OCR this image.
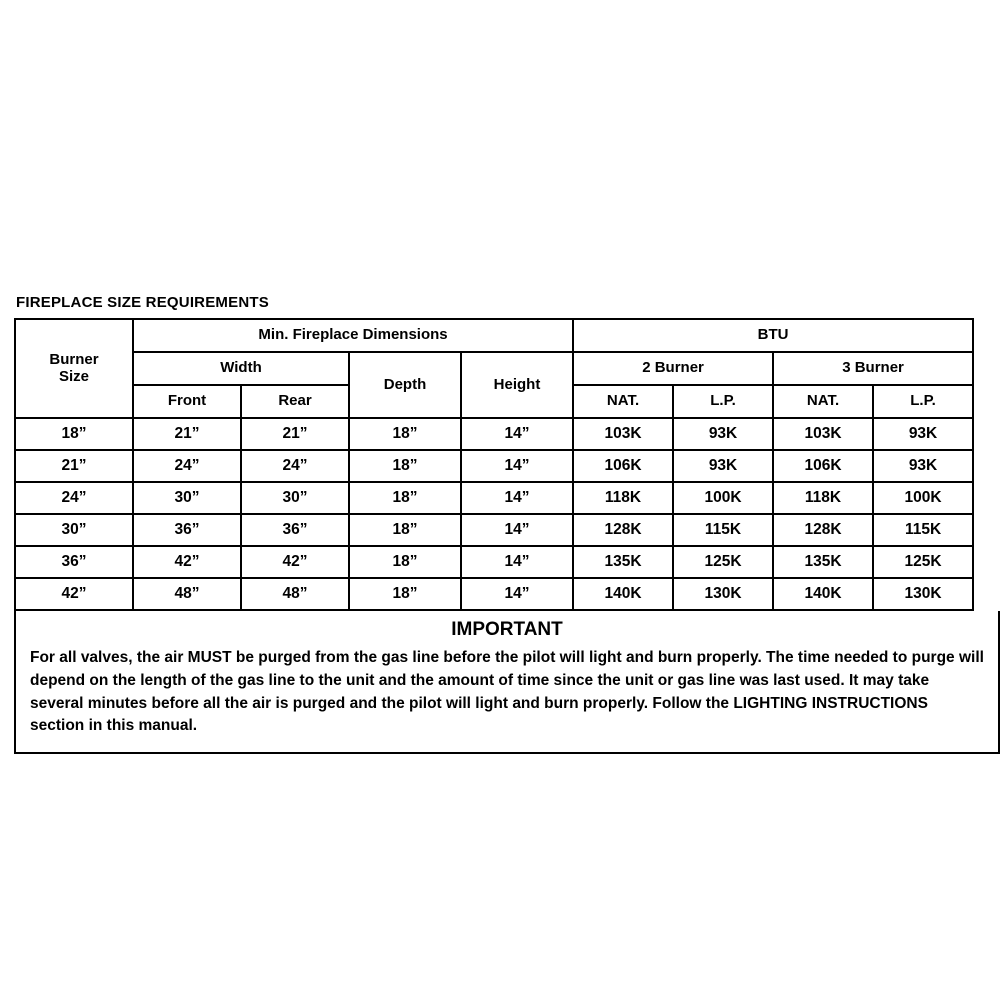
FIREPLACE SIZE REQUIREMENTS
Burner
Size	Min. Fireplace Dimensions				BTU			
	Width		Depth	Height	2 Burner		3 Burner	
	Front	Rear			NAT.	L.P.	NAT.	L.P.
18”	21”	21”	18”	14”	103K	93K	103K	93K
21”	24”	24”	18”	14”	106K	93K	106K	93K
24”	30”	30”	18”	14”	118K	100K	118K	100K
30”	36”	36”	18”	14”	128K	115K	128K	115K
36”	42”	42”	18”	14”	135K	125K	135K	125K
42”	48”	48”	18”	14”	140K	130K	140K	130K
IMPORTANT

For all valves, the air MUST be purged from the gas line before the pilot will light and burn properly. The time needed to purge will depend on the length of the gas line to the unit and the amount of time since the unit or gas line was last used. It may take several minutes before all the air is purged and the pilot will light and burn properly. Follow the LIGHTING INSTRUCTIONS section in this manual.
